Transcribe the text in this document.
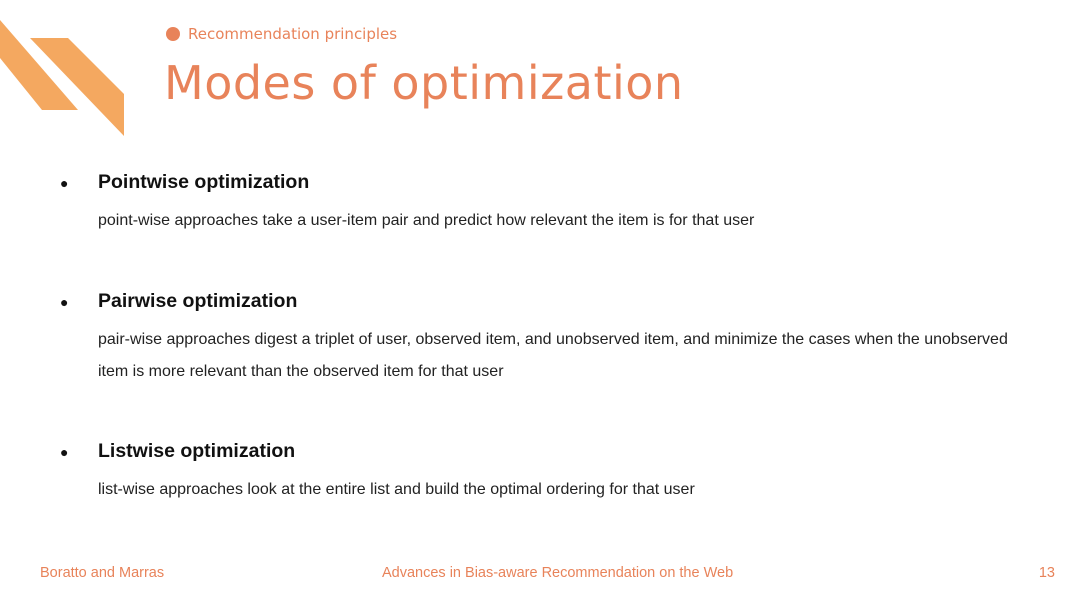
Recommendation principles
Modes of optimization
● Pointwise optimization
point-wise approaches take a user-item pair and predict how relevant the item is for that user
● Pairwise optimization
pair-wise approaches digest a triplet of user, observed item, and unobserved item, and minimize the cases when the unobserved item is more relevant than the observed item for that user
● Listwise optimization
list-wise approaches look at the entire list and build the optimal ordering for that user
Boratto and Marras	Advances in Bias-aware Recommendation on the Web	13
